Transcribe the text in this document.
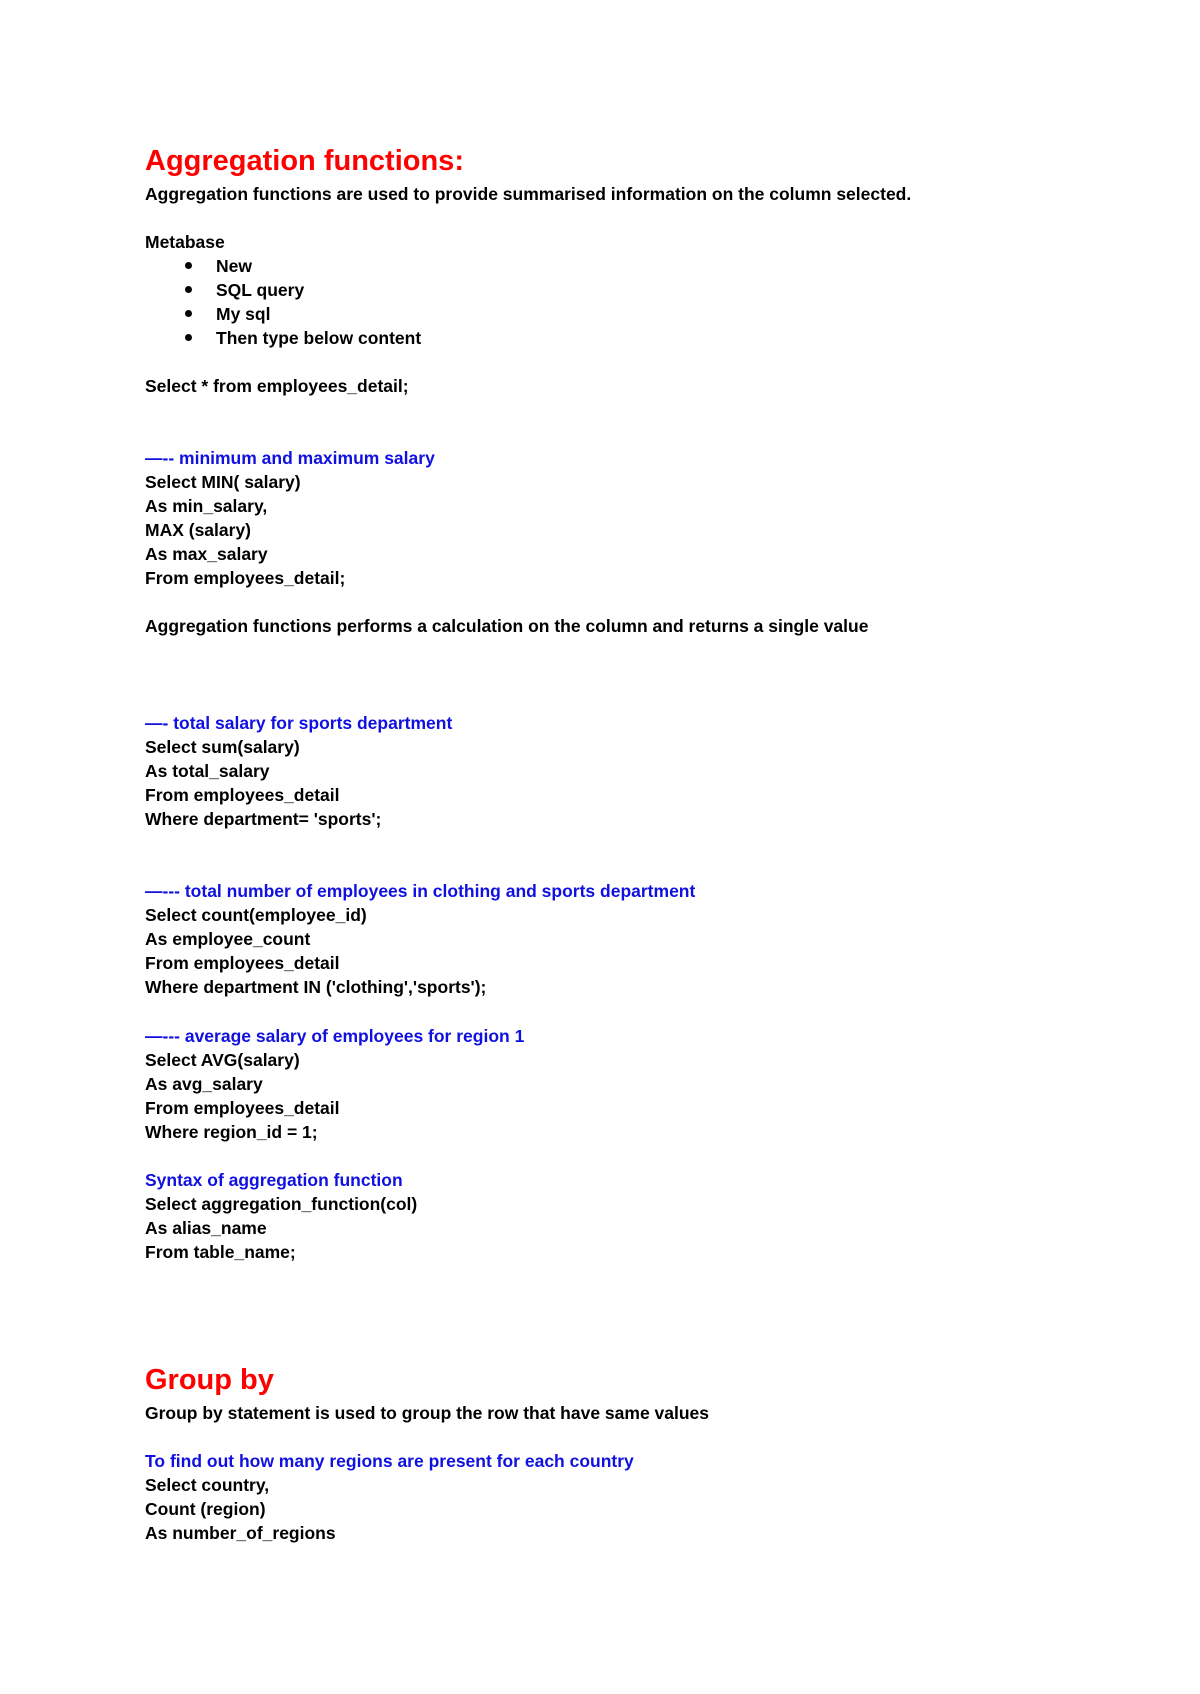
Aggregation functions:
Aggregation functions are used to provide summarised information on the column selected.
Metabase
New
SQL query
My sql
Then type below content
Select * from employees_detail;
—-- minimum and maximum salary
Select MIN( salary)
As min_salary,
MAX (salary)
As max_salary
From employees_detail;
Aggregation functions performs a calculation on the column and returns a single value
—- total salary for sports department
Select sum(salary)
As total_salary
From employees_detail
Where department= 'sports';
—--- total number of employees in clothing and sports department
Select count(employee_id)
As employee_count
From employees_detail
Where department IN ('clothing','sports');
—--- average salary of employees for region 1
Select AVG(salary)
As avg_salary
From employees_detail
Where region_id = 1;
Syntax of aggregation function
Select aggregation_function(col)
As alias_name
From table_name;
Group by
Group by statement is used to group the row that have same values
To find out how many regions are present for each country
Select country,
Count (region)
As number_of_regions
